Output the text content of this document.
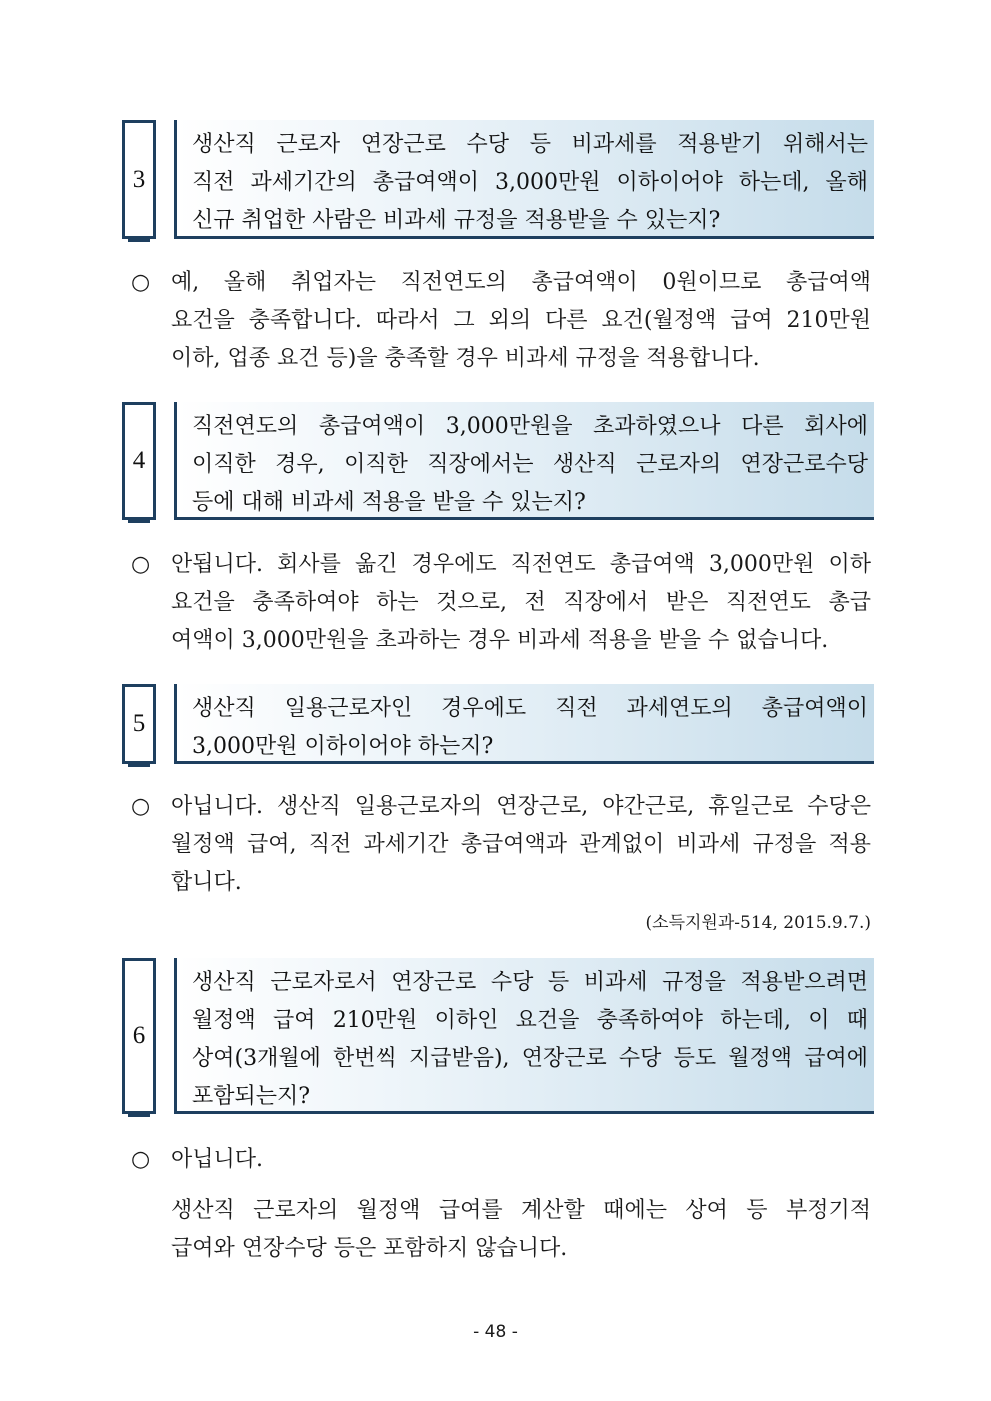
3
생산직 근로자 연장근로 수당 등 비과세를 적용받기 위해서는
직전 과세기간의 총급여액이 3,000만원 이하이어야 하는데, 올해
신규 취업한 사람은 비과세 규정을 적용받을 수 있는지?
○ 예, 올해 취업자는 직전연도의 총급여액이 0원이므로 총급여액
요건을 충족합니다. 따라서 그 외의 다른 요건(월정액 급여 210만원
이하, 업종 요건 등)을 충족할 경우 비과세 규정을 적용합니다.
4
직전연도의 총급여액이 3,000만원을 초과하였으나 다른 회사에
이직한 경우, 이직한 직장에서는 생산직 근로자의 연장근로수당
등에 대해 비과세 적용을 받을 수 있는지?
○ 안됩니다. 회사를 옮긴 경우에도 직전연도 총급여액 3,000만원 이하
요건을 충족하여야 하는 것으로, 전 직장에서 받은 직전연도 총급
여액이 3,000만원을 초과하는 경우 비과세 적용을 받을 수 없습니다.
5
생산직 일용근로자인 경우에도 직전 과세연도의 총급여액이
3,000만원 이하이어야 하는지?
○ 아닙니다. 생산직 일용근로자의 연장근로, 야간근로, 휴일근로 수당은
월정액 급여, 직전 과세기간 총급여액과 관계없이 비과세 규정을 적용
합니다.
(소득지원과-514, 2015.9.7.)
6
생산직 근로자로서 연장근로 수당 등 비과세 규정을 적용받으려면
월정액 급여 210만원 이하인 요건을 충족하여야 하는데, 이 때
상여(3개월에 한번씩 지급받음), 연장근로 수당 등도 월정액 급여에
포함되는지?
○ 아닙니다.
생산직 근로자의 월정액 급여를 계산할 때에는 상여 등 부정기적
급여와 연장수당 등은 포함하지 않습니다.
- 48 -
